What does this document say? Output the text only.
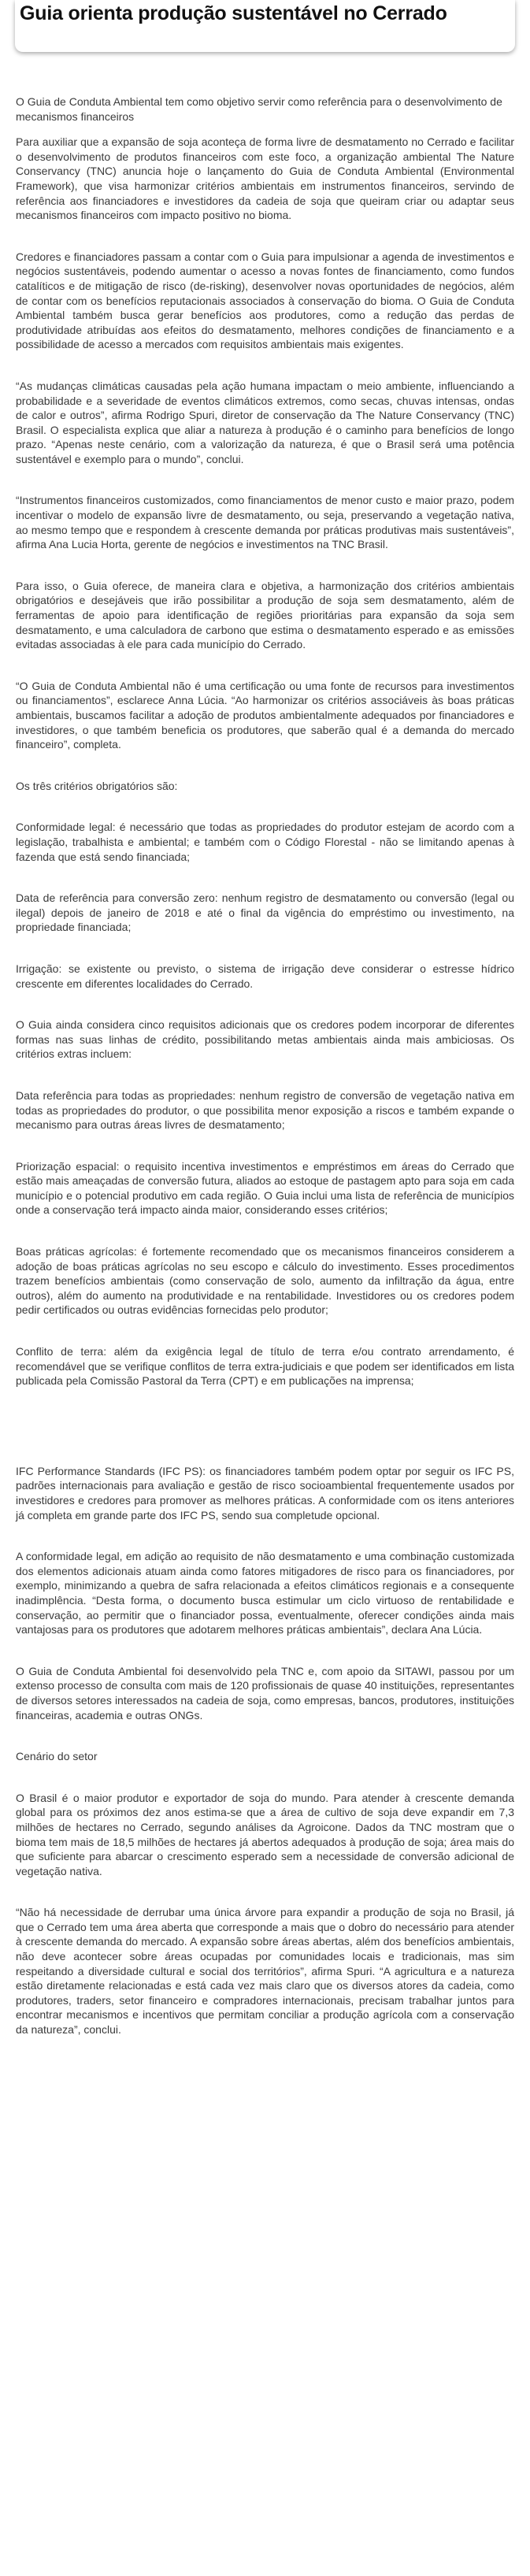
Guia orienta produção sustentável no Cerrado

O Guia de Conduta Ambiental tem como objetivo servir como referência para o desenvolvimento de mecanismos financeiros

Para auxiliar que a expansão de soja aconteça de forma livre de desmatamento no Cerrado e facilitar o desenvolvimento de produtos financeiros com este foco, a organização ambiental The Nature Conservancy (TNC) anuncia hoje o lançamento do Guia de Conduta Ambiental (Environmental Framework), que visa harmonizar critérios ambientais em instrumentos financeiros, servindo de referência aos financiadores e investidores da cadeia de soja que queiram criar ou adaptar seus mecanismos financeiros com impacto positivo no bioma.

Credores e financiadores passam a contar com o Guia para impulsionar a agenda de investimentos e negócios sustentáveis, podendo aumentar o acesso a novas fontes de financiamento, como fundos catalíticos e de mitigação de risco (de-risking), desenvolver novas oportunidades de negócios, além de contar com os benefícios reputacionais associados à conservação do bioma. O Guia de Conduta Ambiental também busca gerar benefícios aos produtores, como a redução das perdas de produtividade atribuídas aos efeitos do desmatamento, melhores condições de financiamento e a possibilidade de acesso a mercados com requisitos ambientais mais exigentes.

“As mudanças climáticas causadas pela ação humana impactam o meio ambiente, influenciando a probabilidade e a severidade de eventos climáticos extremos, como secas, chuvas intensas, ondas de calor e outros”, afirma Rodrigo Spuri, diretor de conservação da The Nature Conservancy (TNC) Brasil. O especialista explica que aliar a natureza à produção é o caminho para benefícios de longo prazo. “Apenas neste cenário, com a valorização da natureza, é que o Brasil será uma potência sustentável e exemplo para o mundo”, conclui.

“Instrumentos financeiros customizados, como financiamentos de menor custo e maior prazo, podem incentivar o modelo de expansão livre de desmatamento, ou seja, preservando a vegetação nativa, ao mesmo tempo que e respondem à crescente demanda por práticas produtivas mais sustentáveis”, afirma Ana Lucia Horta, gerente de negócios e investimentos na TNC Brasil.

Para isso, o Guia oferece, de maneira clara e objetiva, a harmonização dos critérios ambientais obrigatórios e desejáveis que irão possibilitar a produção de soja sem desmatamento, além de ferramentas de apoio para identificação de regiões prioritárias para expansão da soja sem desmatamento, e uma calculadora de carbono que estima o desmatamento esperado e as emissões evitadas associadas à ele para cada município do Cerrado.

“O Guia de Conduta Ambiental não é uma certificação ou uma fonte de recursos para investimentos ou financiamentos”, esclarece Anna Lúcia. “Ao harmonizar os critérios associáveis às boas práticas ambientais, buscamos facilitar a adoção de produtos ambientalmente adequados por financiadores e investidores, o que também beneficia os produtores, que saberão qual é a demanda do mercado financeiro”, completa.

Os três critérios obrigatórios são:

Conformidade legal: é necessário que todas as propriedades do produtor estejam de acordo com a legislação, trabalhista e ambiental; e também com o Código Florestal - não se limitando apenas à fazenda que está sendo financiada;

Data de referência para conversão zero: nenhum registro de desmatamento ou conversão (legal ou ilegal) depois de janeiro de 2018 e até o final da vigência do empréstimo ou investimento, na propriedade financiada;

Irrigação: se existente ou previsto, o sistema de irrigação deve considerar o estresse hídrico crescente em diferentes localidades do Cerrado.

O Guia ainda considera cinco requisitos adicionais que os credores podem incorporar de diferentes formas nas suas linhas de crédito, possibilitando metas ambientais ainda mais ambiciosas. Os critérios extras incluem:

Data referência para todas as propriedades: nenhum registro de conversão de vegetação nativa em todas as propriedades do produtor, o que possibilita menor exposição a riscos e também expande o mecanismo para outras áreas livres de desmatamento;

Priorização espacial: o requisito incentiva investimentos e empréstimos em áreas do Cerrado que estão mais ameaçadas de conversão futura, aliados ao estoque de pastagem apto para soja em cada município e o potencial produtivo em cada região. O Guia inclui uma lista de referência de municípios onde a conservação terá impacto ainda maior, considerando esses critérios;

Boas práticas agrícolas: é fortemente recomendado que os mecanismos financeiros considerem a adoção de boas práticas agrícolas no seu escopo e cálculo do investimento. Esses procedimentos trazem benefícios ambientais (como conservação de solo, aumento da infiltração da água, entre outros), além do aumento na produtividade e na rentabilidade. Investidores ou os credores podem pedir certificados ou outras evidências fornecidas pelo produtor;

Conflito de terra: além da exigência legal de título de terra e/ou contrato arrendamento, é recomendável que se verifique conflitos de terra extra-judiciais e que podem ser identificados em lista publicada pela Comissão Pastoral da Terra (CPT) e em publicações na imprensa;

IFC Performance Standards (IFC PS): os financiadores também podem optar por seguir os IFC PS, padrões internacionais para avaliação e gestão de risco socioambiental frequentemente usados por investidores e credores para promover as melhores práticas. A conformidade com os itens anteriores já completa em grande parte dos IFC PS, sendo sua completude opcional.

A conformidade legal, em adição ao requisito de não desmatamento e uma combinação customizada dos elementos adicionais atuam ainda como fatores mitigadores de risco para os financiadores, por exemplo, minimizando a quebra de safra relacionada a efeitos climáticos regionais e a consequente inadimplência. “Desta forma, o documento busca estimular um ciclo virtuoso de rentabilidade e conservação, ao permitir que o financiador possa, eventualmente, oferecer condições ainda mais vantajosas para os produtores que adotarem melhores práticas ambientais”, declara Ana Lúcia.

O Guia de Conduta Ambiental foi desenvolvido pela TNC e, com apoio da SITAWI, passou por um extenso processo de consulta com mais de 120 profissionais de quase 40 instituições, representantes de diversos setores interessados na cadeia de soja, como empresas, bancos, produtores, instituições financeiras, academia e outras ONGs.

Cenário do setor

O Brasil é o maior produtor e exportador de soja do mundo. Para atender à crescente demanda global para os próximos dez anos estima-se que a área de cultivo de soja deve expandir em 7,3 milhões de hectares no Cerrado, segundo análises da Agroicone. Dados da TNC mostram que o bioma tem mais de 18,5 milhões de hectares já abertos adequados à produção de soja; área mais do que suficiente para abarcar o crescimento esperado sem a necessidade de conversão adicional de vegetação nativa.

“Não há necessidade de derrubar uma única árvore para expandir a produção de soja no Brasil, já que o Cerrado tem uma área aberta que corresponde a mais que o dobro do necessário para atender à crescente demanda do mercado. A expansão sobre áreas abertas, além dos benefícios ambientais, não deve acontecer sobre áreas ocupadas por comunidades locais e tradicionais, mas sim respeitando a diversidade cultural e social dos territórios”, afirma Spuri. “A agricultura e a natureza estão diretamente relacionadas e está cada vez mais claro que os diversos atores da cadeia, como produtores, traders, setor financeiro e compradores internacionais, precisam trabalhar juntos para encontrar mecanismos e incentivos que permitam conciliar a produção agrícola com a conservação da natureza”, conclui.
